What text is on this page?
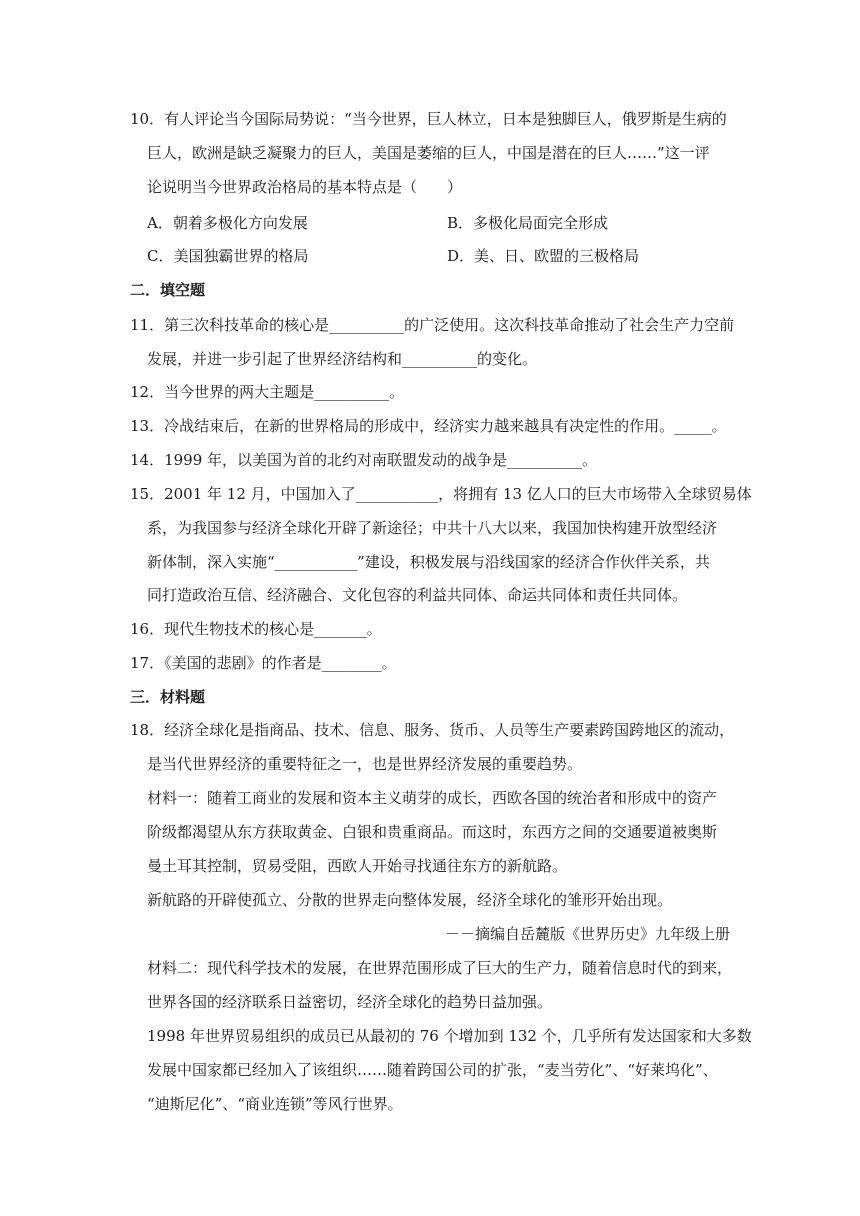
10．有人评论当今国际局势说：“当今世界，巨人林立，日本是独脚巨人，俄罗斯是生病的
巨人，欧洲是缺乏凝聚力的巨人，美国是萎缩的巨人，中国是潜在的巨人……”这一评
论说明当今世界政治格局的基本特点是（　　）
A．朝着多极化方向发展	B．多极化局面完全形成
C．美国独霸世界的格局	D．美、日、欧盟的三极格局
二．填空题
11．第三次科技革命的核心是__________的广泛使用。这次科技革命推动了社会生产力空前
发展，并进一步引起了世界经济结构和__________的变化。
12．当今世界的两大主题是__________。
13．冷战结束后，在新的世界格局的形成中，经济实力越来越具有决定性的作用。_____。
14．1999 年，以美国为首的北约对南联盟发动的战争是__________。
15．2001 年 12 月，中国加入了___________，将拥有 13 亿人口的巨大市场带入全球贸易体
系，为我国参与经济全球化开辟了新途径；中共十八大以来，我国加快构建开放型经济
新体制，深入实施“___________”建设，积极发展与沿线国家的经济合作伙伴关系，共
同打造政治互信、经济融合、文化包容的利益共同体、命运共同体和责任共同体。
16．现代生物技术的核心是_______。
17．《美国的悲剧》的作者是________。
三．材料题
18．经济全球化是指商品、技术、信息、服务、货币、人员等生产要素跨国跨地区的流动，
是当代世界经济的重要特征之一，也是世界经济发展的重要趋势。
材料一：随着工商业的发展和资本主义萌芽的成长，西欧各国的统治者和形成中的资产
阶级都渴望从东方获取黄金、白银和贵重商品。而这时，东西方之间的交通要道被奥斯
曼土耳其控制，贸易受阻，西欧人开始寻找通往东方的新航路。
新航路的开辟使孤立、分散的世界走向整体发展，经济全球化的雏形开始出现。
－－摘编自岳麓版《世界历史》九年级上册
材料二：现代科学技术的发展，在世界范围形成了巨大的生产力，随着信息时代的到来，
世界各国的经济联系日益密切，经济全球化的趋势日益加强。
1998 年世界贸易组织的成员已从最初的 76 个增加到 132 个，几乎所有发达国家和大多数
发展中国家都已经加入了该组织……随着跨国公司的扩张，“麦当劳化”、“好莱坞化”、
“迪斯尼化”、“商业连锁”等风行世界。
